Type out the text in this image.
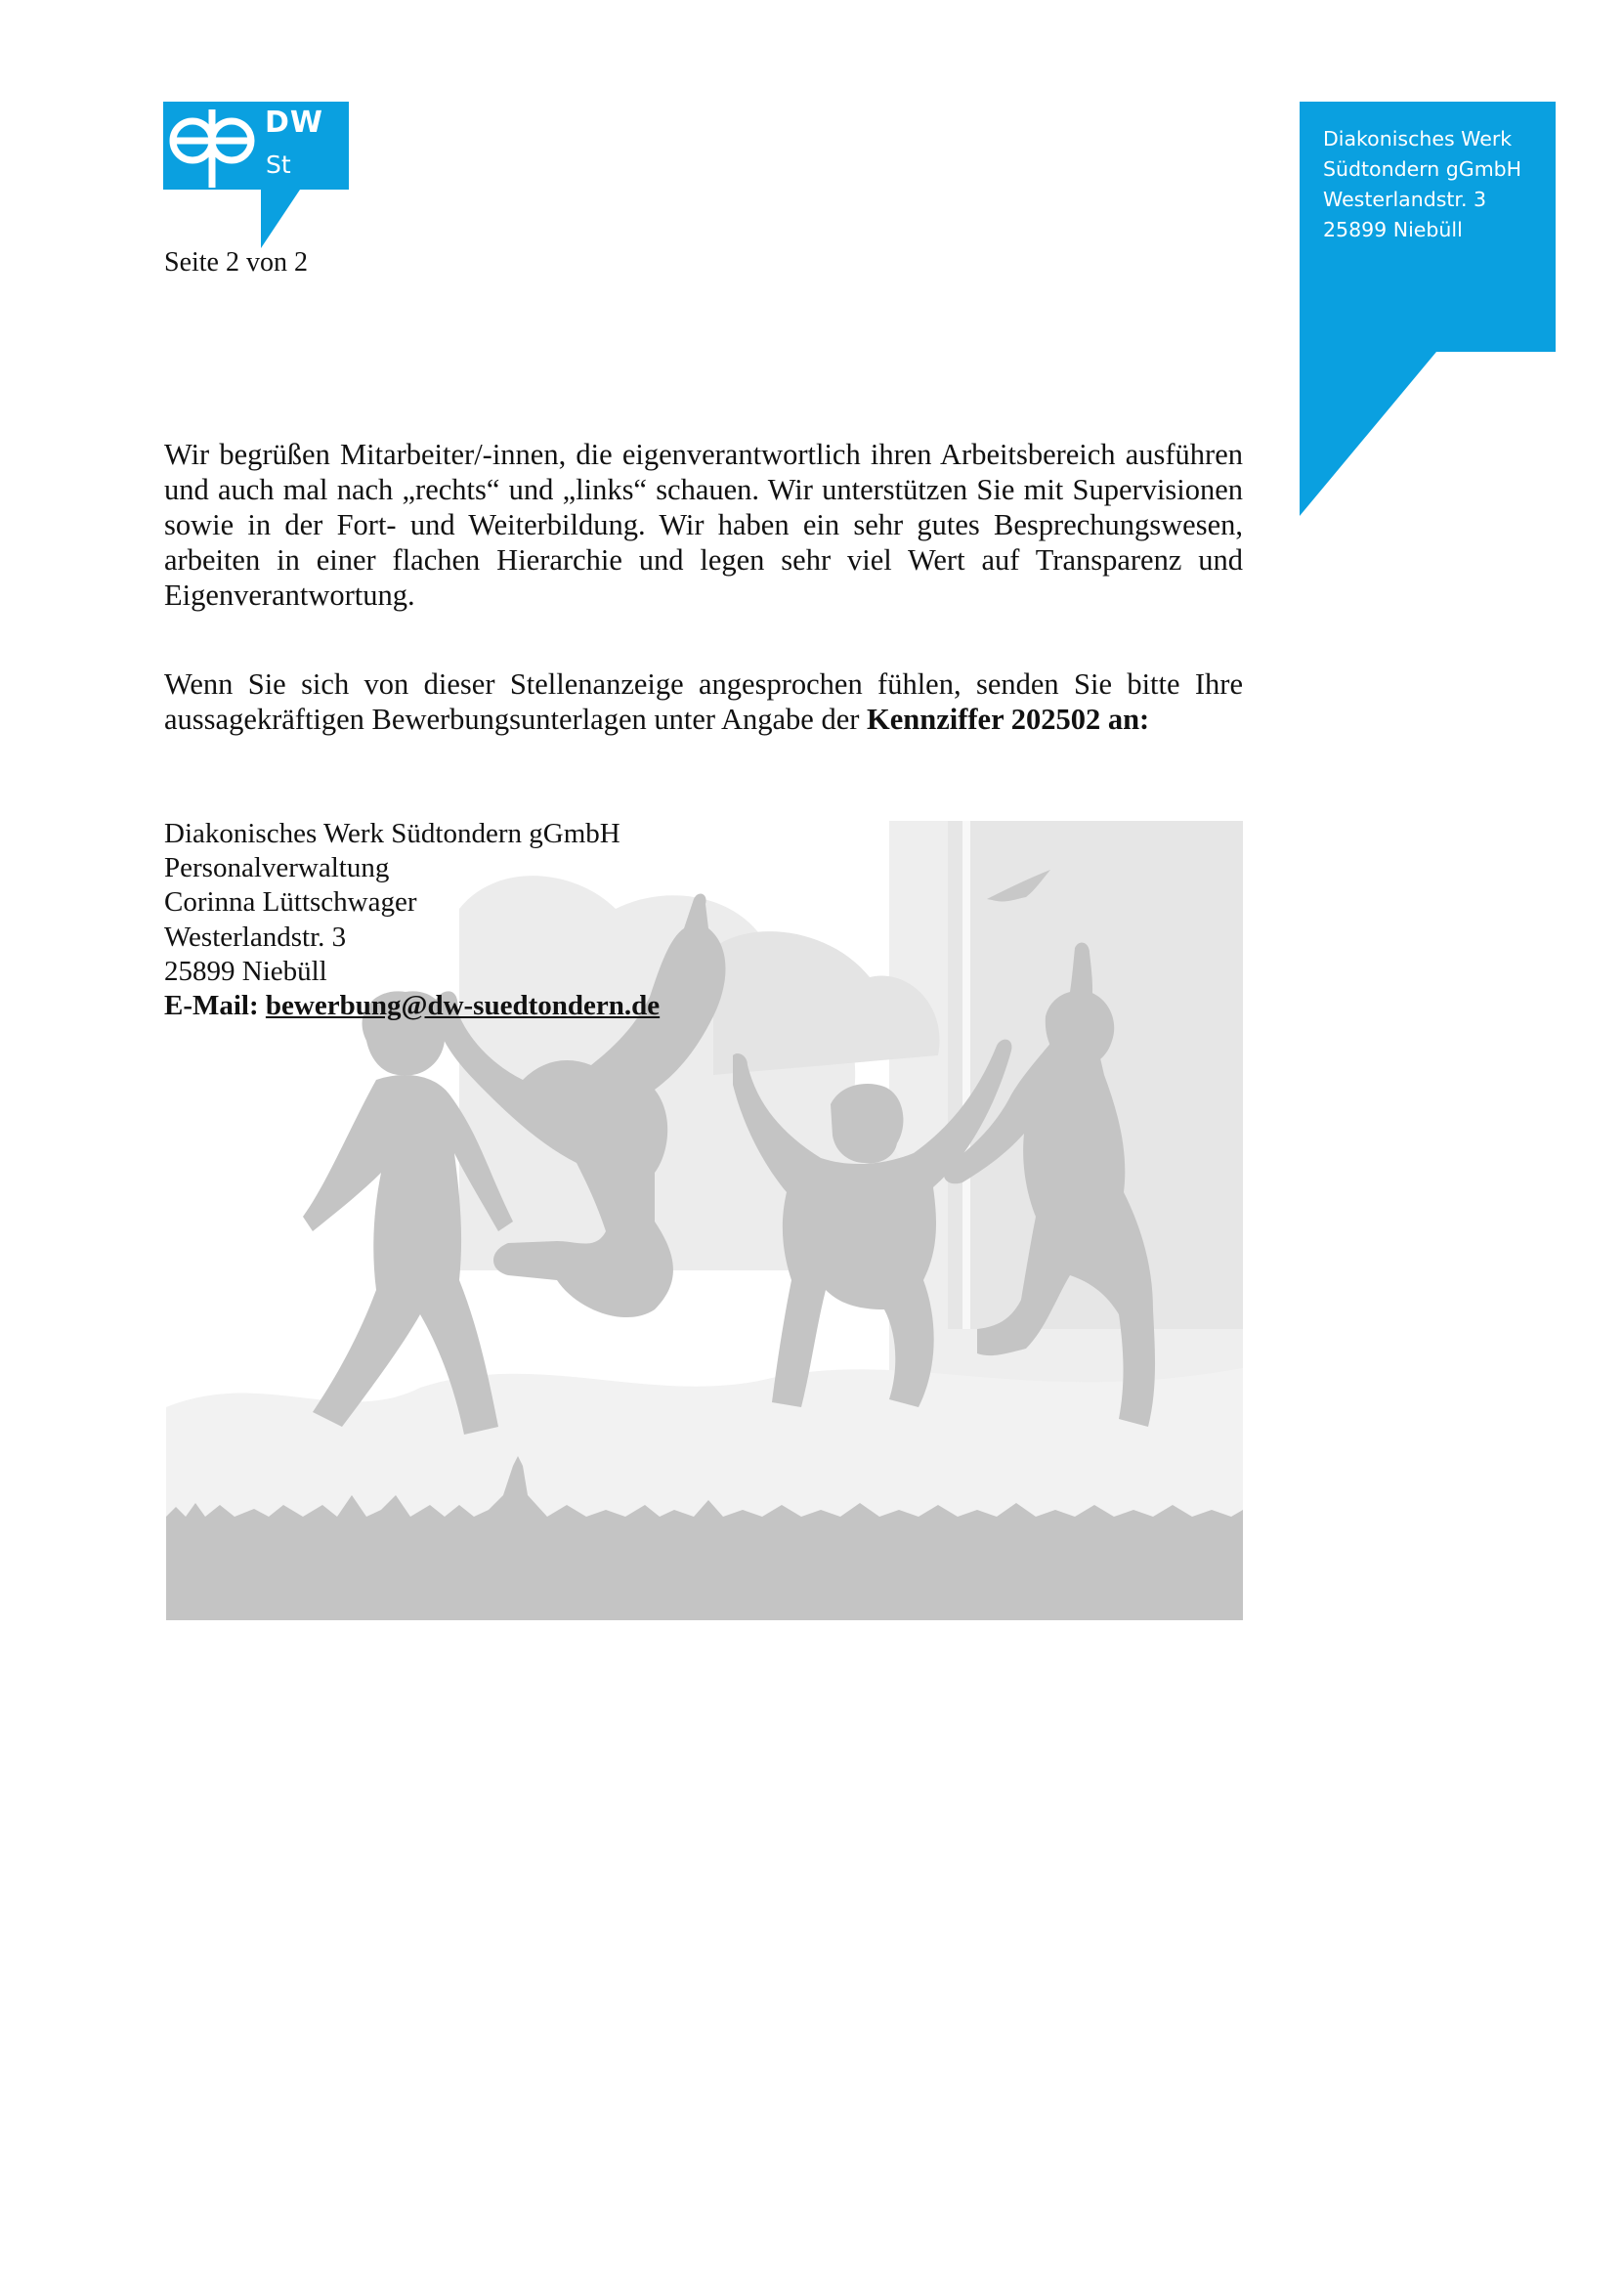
DW
St
Seite 2 von 2
Diakonisches Werk
Südtondern gGmbH
Westerlandstr. 3
25899 Niebüll
Wir begrüßen Mitarbeiter/-innen, die eigenverantwortlich ihren Arbeitsbereich ausführen und auch mal nach „rechts“ und „links“ schauen. Wir unterstützen Sie mit Supervisionen sowie in der Fort- und Weiterbildung. Wir haben ein sehr gutes Besprechungswesen, arbeiten in einer flachen Hierarchie und legen sehr viel Wert auf Transparenz und Eigenverantwortung.
Wenn Sie sich von dieser Stellenanzeige angesprochen fühlen, senden Sie bitte Ihre aussagekräftigen Bewerbungsunterlagen unter Angabe der Kennziffer 202502 an:
Diakonisches Werk Südtondern gGmbH
Personalverwaltung
Corinna Lüttschwager
Westerlandstr. 3
25899 Niebüll
E-Mail: bewerbung@dw-suedtondern.de
